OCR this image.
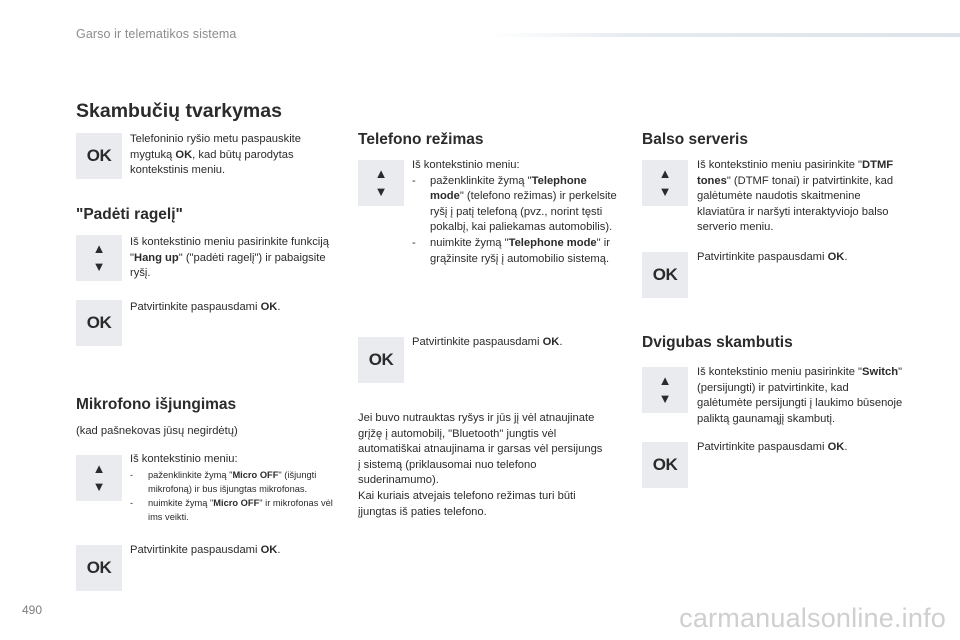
Garso ir telematikos sistema
490	carmanualsonline.info
Skambučių tvarkymas
OK

Telefoninio ryšio metu paspauskite mygtuką OK, kad būtų parodytas kontekstinis meniu.

"Padėti ragelį"
▲
▼

Iš kontekstinio meniu pasirinkite funkciją "Hang up" ("padėti ragelį") ir pabaigsite ryšį.

OK

Patvirtinkite paspausdami OK.

Mikrofono išjungimas

(kad pašnekovas jūsų negirdėtų)

▲
▼
Iš kontekstinio meniu:
- paženklinkite žymą "Micro OFF" (išjungti mikrofoną) ir bus išjungtas mikrofonas.
- nuimkite žymą "Micro OFF" ir mikrofonas vėl ims veikti.
OK

Patvirtinkite paspausdami OK.

Telefono režimas
▲
▼
Iš kontekstinio meniu:
- paženklinkite žymą "Telephone mode" (telefono režimas) ir perkelsite ryšį į patį telefoną (pvz., norint tęsti pokalbį, kai paliekamas automobilis).
- nuimkite žymą "Telephone mode" ir grąžinsite ryšį į automobilio sistemą.
OK

Patvirtinkite paspausdami OK.

Jei buvo nutrauktas ryšys ir jūs jį vėl atnaujinate grįžę į automobilį, "Bluetooth" jungtis vėl automatiškai atnaujinama ir garsas vėl persijungs į sistemą (priklausomai nuo telefono suderinamumo).
Kai kuriais atvejais telefono režimas turi būti įjungtas iš paties telefono.
Balso serveris
▲
▼

Iš kontekstinio meniu pasirinkite "DTMF tones" (DTMF tonai) ir patvirtinkite, kad galėtumėte naudotis skaitmenine klaviatūra ir naršyti interaktyviojo balso serverio meniu.

OK

Patvirtinkite paspausdami OK.

Dvigubas skambutis
▲
▼

Iš kontekstinio meniu pasirinkite "Switch" (persijungti) ir patvirtinkite, kad galėtumėte persijungti į laukimo būsenoje paliktą gaunamąjį skambutį.

OK

Patvirtinkite paspausdami OK.
